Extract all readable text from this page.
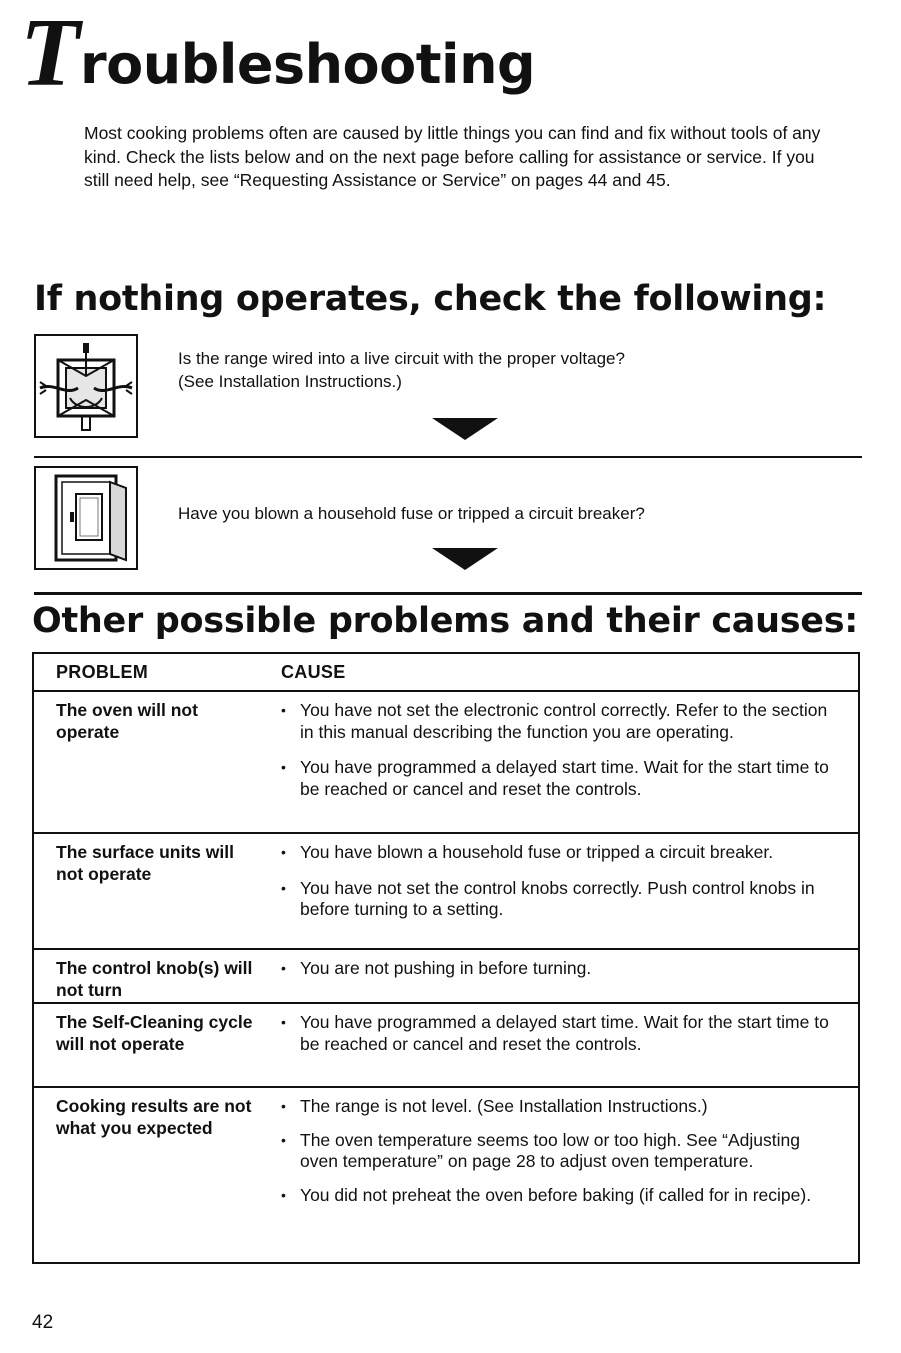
T roubleshooting

Most cooking problems often are caused by little things you can find and fix without tools of any kind. Check the lists below and on the next page before calling for assistance or service. If you still need help, see “Requesting Assistance or Service” on pages 44 and 45.

If nothing operates, check the following:

Is the range wired into a live circuit with the proper voltage?
(See Installation Instructions.)

Have you blown a household fuse or tripped a circuit breaker?

Other possible problems and their causes:
PROBLEM	CAUSE
The oven will not operate
• You have not set the electronic control correctly. Refer to the section in this manual describing the function you are operating.
• You have programmed a delayed start time. Wait for the start time to be reached or cancel and reset the controls.
The surface units will not operate
• You have blown a household fuse or tripped a circuit breaker.
• You have not set the control knobs correctly. Push control knobs in before turning to a setting.
The control knob(s) will not turn
• You are not pushing in before turning.
The Self-Cleaning cycle will not operate
• You have programmed a delayed start time. Wait for the start time to be reached or cancel and reset the controls.
Cooking results are not what you expected
• The range is not level. (See Installation Instructions.)
• The oven temperature seems too low or too high. See “Adjusting oven temperature” on page 28 to adjust oven temperature.
• You did not preheat the oven before baking (if called for in recipe).
42
